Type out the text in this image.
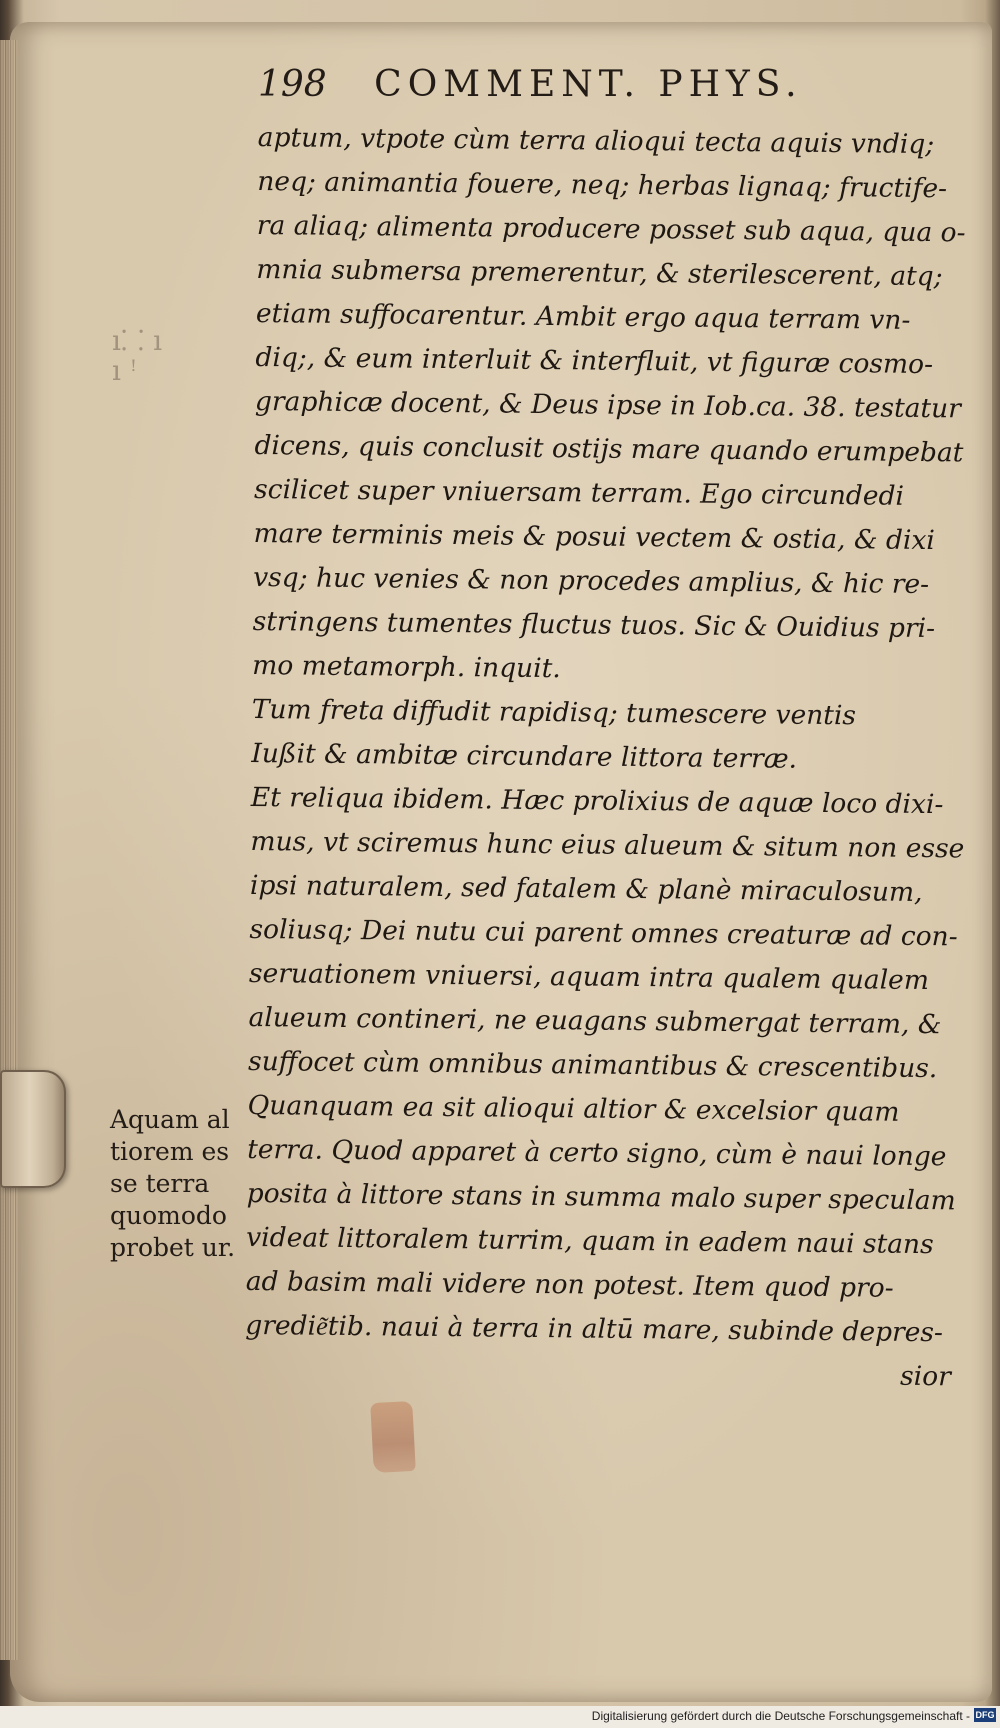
ı⸬ ı ı ꜝ
198 COMMENT. PHYS.
aptum, vtpote cùm terra alioqui tecta aquis vndiq;
neq; animantia fouere, neq; herbas lignaq; fructife-
ra aliaq; alimenta producere posset sub aqua, qua o-
mnia submersa premerentur, & sterilescerent, atq;
etiam suffocarentur. Ambit ergo aqua terram vn-
diq;, & eum interluit & interfluit, vt figuræ cosmo-
graphicæ docent, & Deus ipse in Iob.ca. 38. testatur
dicens, quis conclusit ostijs mare quando erumpebat
scilicet super vniuersam terram. Ego circundedi
mare terminis meis & posui vectem & ostia, & dixi
vsq; huc venies & non procedes amplius, & hic re-
stringens tumentes fluctus tuos. Sic & Ouidius pri-
mo metamorph. inquit.
Tum freta diffudit rapidisq; tumescere ventis
Iußit & ambitæ circundare littora terræ.
Et reliqua ibidem. Hæc prolixius de aquæ loco dixi-
mus, vt sciremus hunc eius alueum & situm non esse
ipsi naturalem, sed fatalem & planè miraculosum,
soliusq; Dei nutu cui parent omnes creaturæ ad con-
seruationem vniuersi, aquam intra qualem qualem
alueum contineri, ne euagans submergat terram, &
suffocet cùm omnibus animantibus & crescentibus.
Quanquam ea sit alioqui altior & excelsior quam
terra. Quod apparet à certo signo, cùm è naui longe
posita à littore stans in summa malo super speculam
videat littoralem turrim, quam in eadem naui stans
ad basim mali videre non potest. Item quod pro-
gredie͂tib. naui à terra in altū mare, subinde depres-
sior
Aquam al
tiorem es
se terra
quomodo
probet ur.
Digitalisierung gefördert durch die Deutsche Forschungsgemeinschaft - DFG
